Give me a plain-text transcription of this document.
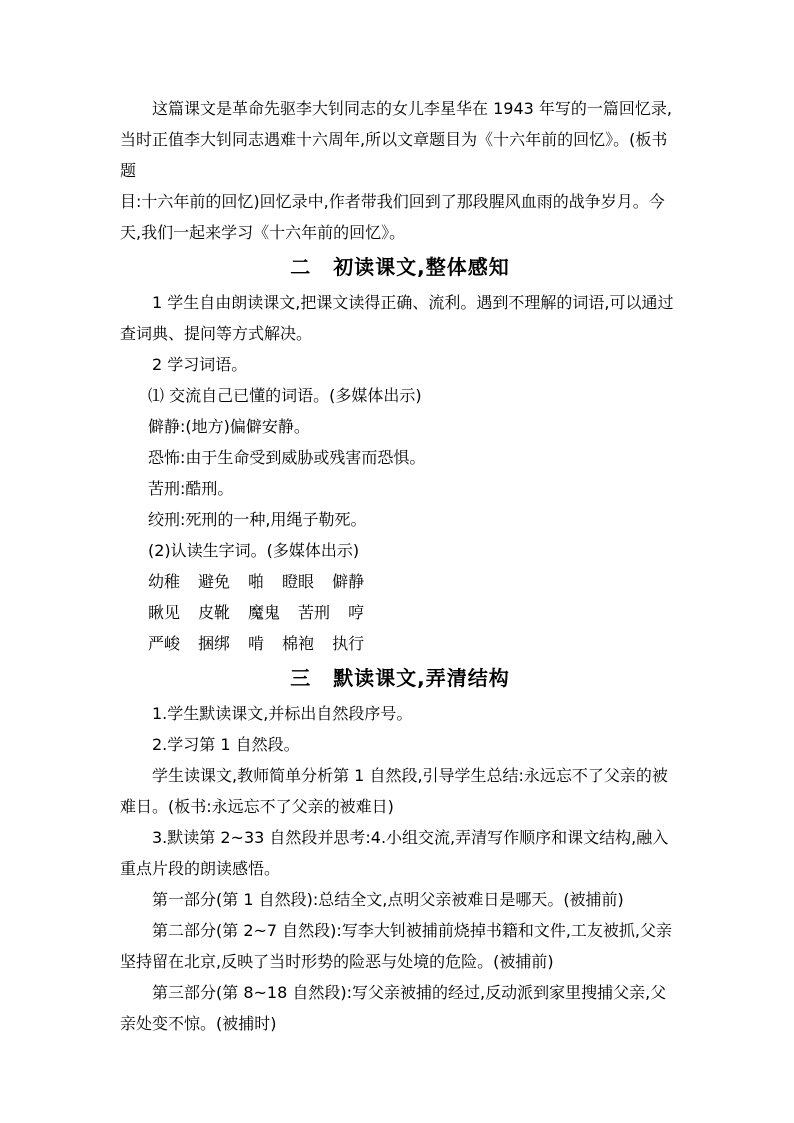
这篇课文是革命先驱李大钊同志的女儿李星华在 1943 年写的一篇回忆录,

当时正值李大钊同志遇难十六周年,所以文章题目为《十六年前的回忆》。(板书题

目:十六年前的回忆)回忆录中,作者带我们回到了那段腥风血雨的战争岁月。今

天,我们一起来学习《十六年前的回忆》。

二 初读课文,整体感知

1 学生自由朗读课文,把课文读得正确、流利。遇到不理解的词语,可以通过

查词典、提问等方式解决。

2 学习词语。

⑴ 交流自己已懂的词语。(多媒体出示)

僻静:(地方)偏僻安静。

恐怖:由于生命受到威胁或残害而恐惧。

苦刑:酷刑。

绞刑:死刑的一种,用绳子勒死。

(2)认读生字词。(多媒体出示)

幼稚 避免 啪 瞪眼 僻静
瞅见 皮靴 魔鬼 苦刑 哼
严峻 捆绑 啃 棉袍 执行
三 默读课文,弄清结构

1.学生默读课文,并标出自然段序号。

2.学习第 1 自然段。

学生读课文,教师简单分析第 1 自然段,引导学生总结:永远忘不了父亲的被

难日。(板书:永远忘不了父亲的被难日)

3.默读第 2~33 自然段并思考:4.小组交流,弄清写作顺序和课文结构,融入

重点片段的朗读感悟。

第一部分(第 1 自然段):总结全文,点明父亲被难日是哪天。(被捕前)

第二部分(第 2~7 自然段):写李大钊被捕前烧掉书籍和文件,工友被抓,父亲

坚持留在北京,反映了当时形势的险恶与处境的危险。(被捕前)

第三部分(第 8~18 自然段):写父亲被捕的经过,反动派到家里搜捕父亲,父

亲处变不惊。(被捕时)
